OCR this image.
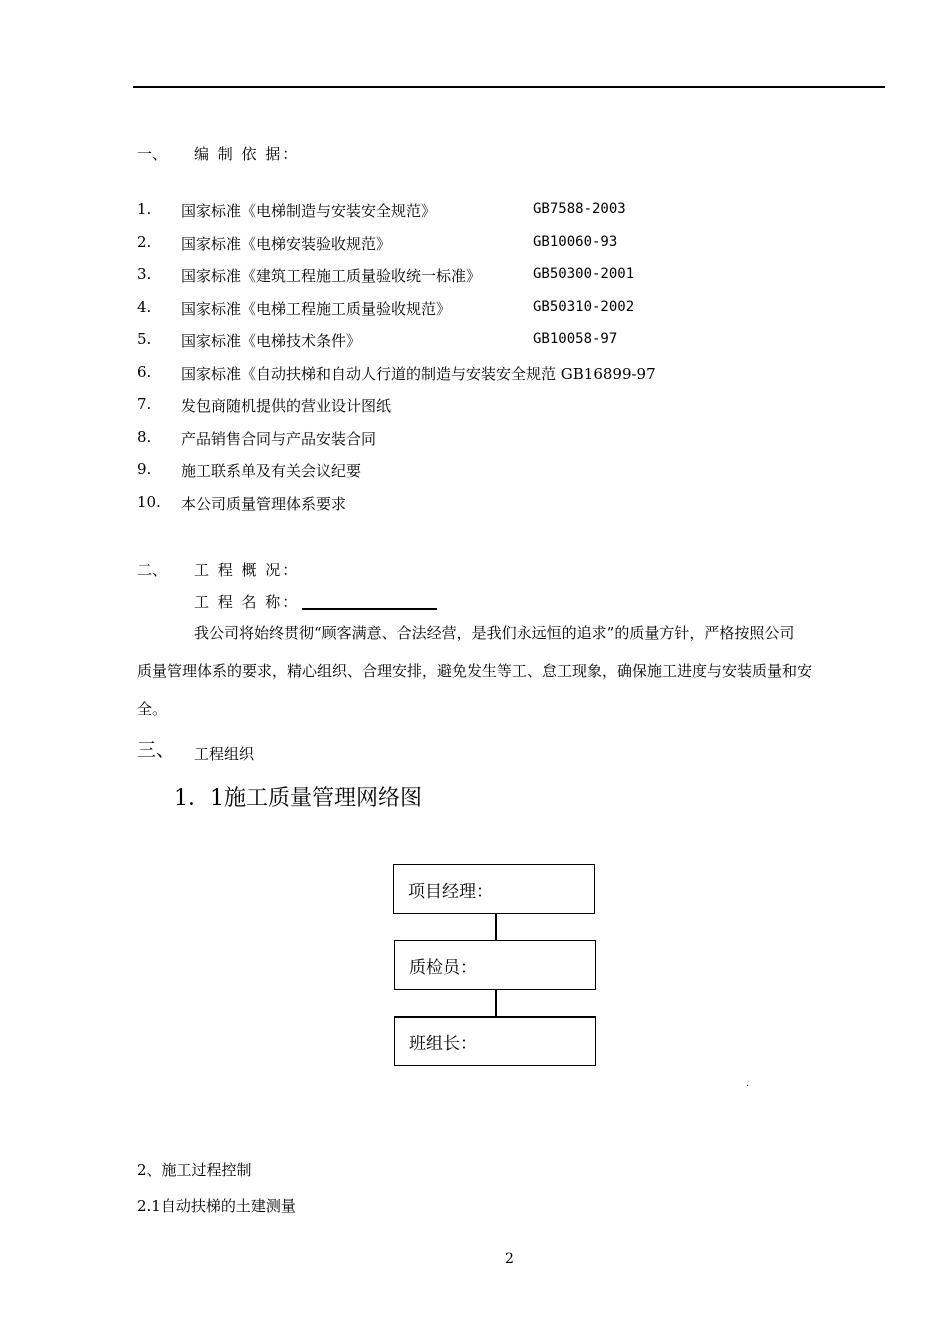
一、 编 制 依 据：
1. 国家标准《电梯制造与安装安全规范》	GB7588-2003
2. 国家标准《电梯安装验收规范》	GB10060-93
3. 国家标准《建筑工程施工质量验收统一标准》	GB50300-2001
4. 国家标准《电梯工程施工质量验收规范》	GB50310-2002
5. 国家标准《电梯技术条件》	GB10058-97
6. 国家标准《自动扶梯和自动人行道的制造与安装安全规范 GB16899-97
7. 发包商随机提供的营业设计图纸
8. 产品销售合同与产品安装合同
9. 施工联系单及有关会议纪要
10. 本公司质量管理体系要求
二、 工 程 概 况：
工 程 名 称：
我公司将始终贯彻“顾客满意、合法经营，是我们永远恒的追求”的质量方针，严格按照公司
质量管理体系的要求，精心组织、合理安排，避免发生等工、怠工现象，确保施工进度与安装质量和安
全。
三、 工程组织
1．1施工质量管理网络图
项目经理：
质检员：
班组长：
.
2、施工过程控制
2.1自动扶梯的土建测量
2
